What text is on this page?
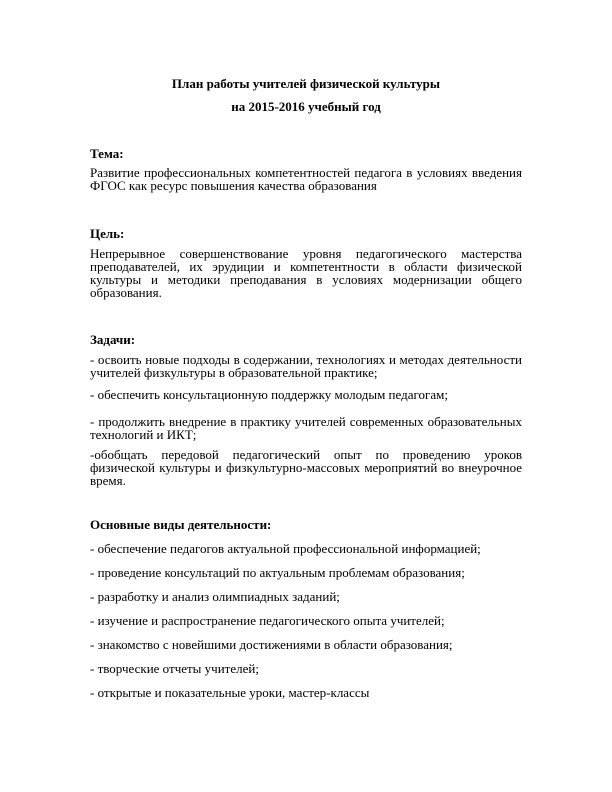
План работы учителей физической культуры

на 2015-2016 учебный год

Тема:

Развитие профессиональных компетентностей педагога в условиях введения ФГОС как ресурс повышения качества образования

Цель:

Непрерывное совершенствование уровня педагогического мастерства преподавателей, их эрудиции и компетентности в области физической культуры и методики преподавания в условиях модернизации общего образования.

Задачи:

- освоить новые подходы в содержании, технологиях и методах деятельности учителей физкультуры в образовательной практике;

- обеспечить консультационную поддержку молодым педагогам;

- продолжить внедрение в практику учителей современных образовательных технологий и ИКТ;

-обобщать передовой педагогический опыт по проведению уроков физической культуры и физкультурно-массовых мероприятий во внеурочное время.

Основные виды деятельности:

- обеспечение педагогов актуальной профессиональной информацией;

- проведение консультаций по актуальным проблемам образования;

- разработку и анализ олимпиадных заданий;

- изучение и распространение педагогического опыта учителей;

- знакомство с новейшими достижениями в области образования;

- творческие отчеты учителей;

- открытые и показательные уроки, мастер-классы
